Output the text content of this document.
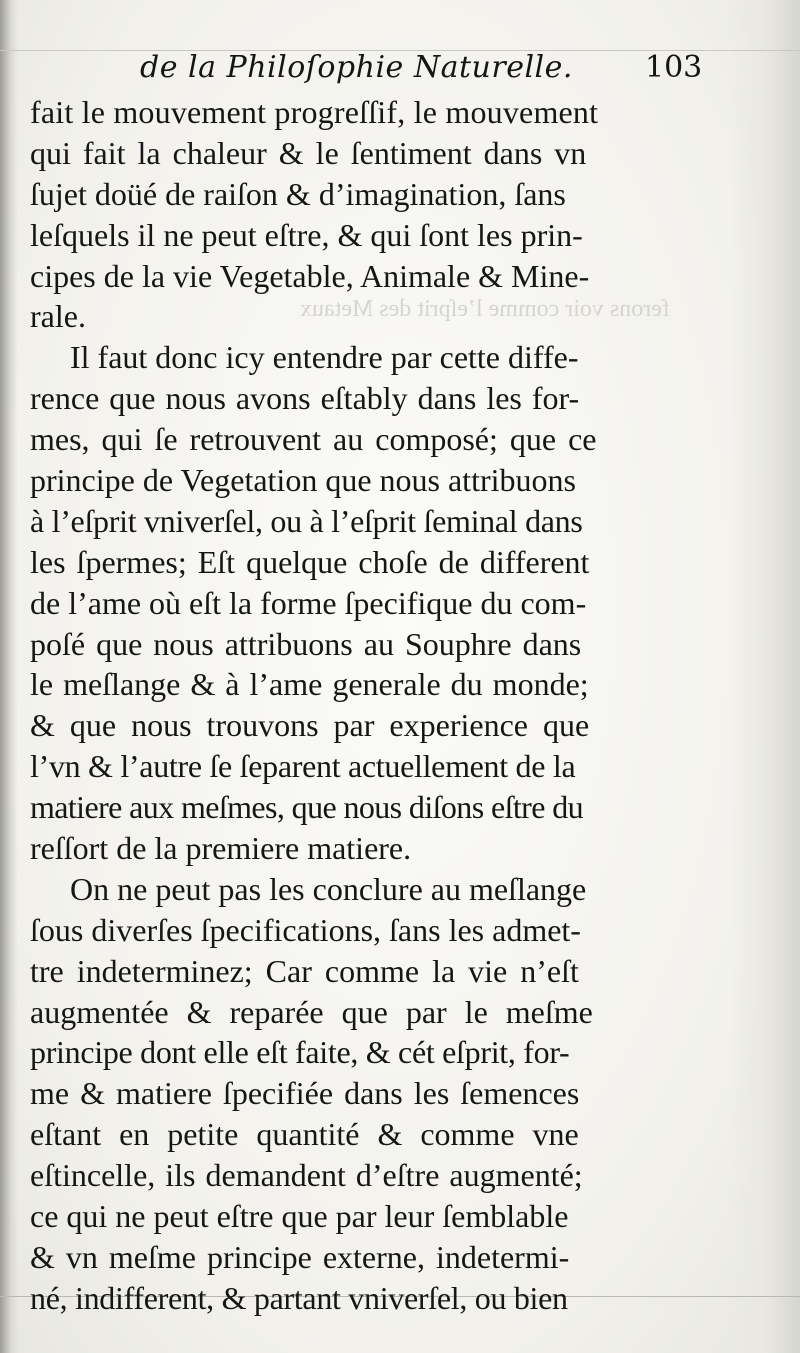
de la Philoſophie Naturelle. 103
ferons voir comme l’eſprit des Metaux
fait le mouvement progreſſif, le mouvement
qui fait la chaleur & le ſentiment dans vn
ſujet doüé de raiſon & d’imagination, ſans
leſquels il ne peut eſtre, & qui ſont les prin-
cipes de la vie Vegetable, Animale & Mine-
rale.
Il faut donc icy entendre par cette diffe-
rence que nous avons eſtably dans les for-
mes, qui ſe retrouvent au composé; que ce
principe de Vegetation que nous attribuons
à l’eſprit vniverſel, ou à l’eſprit ſeminal dans
les ſpermes; Eſt quelque choſe de different
de l’ame où eſt la forme ſpecifique du com-
poſé que nous attribuons au Souphre dans
le meſlange & à l’ame generale du monde;
& que nous trouvons par experience que
l’vn & l’autre ſe ſeparent actuellement de la
matiere aux meſmes, que nous diſons eſtre du
reſſort de la premiere matiere.
On ne peut pas les conclure au meſlange
ſous diverſes ſpecifications, ſans les admet-
tre indeterminez; Car comme la vie n’eſt
augmentée & reparée que par le meſme
principe dont elle eſt faite, & cét eſprit, for-
me & matiere ſpecifiée dans les ſemences
eſtant en petite quantité & comme vne
eſtincelle, ils demandent d’eſtre augmenté;
ce qui ne peut eſtre que par leur ſemblable
& vn meſme principe externe, indetermi-
né, indifferent, & partant vniverſel, ou bien
